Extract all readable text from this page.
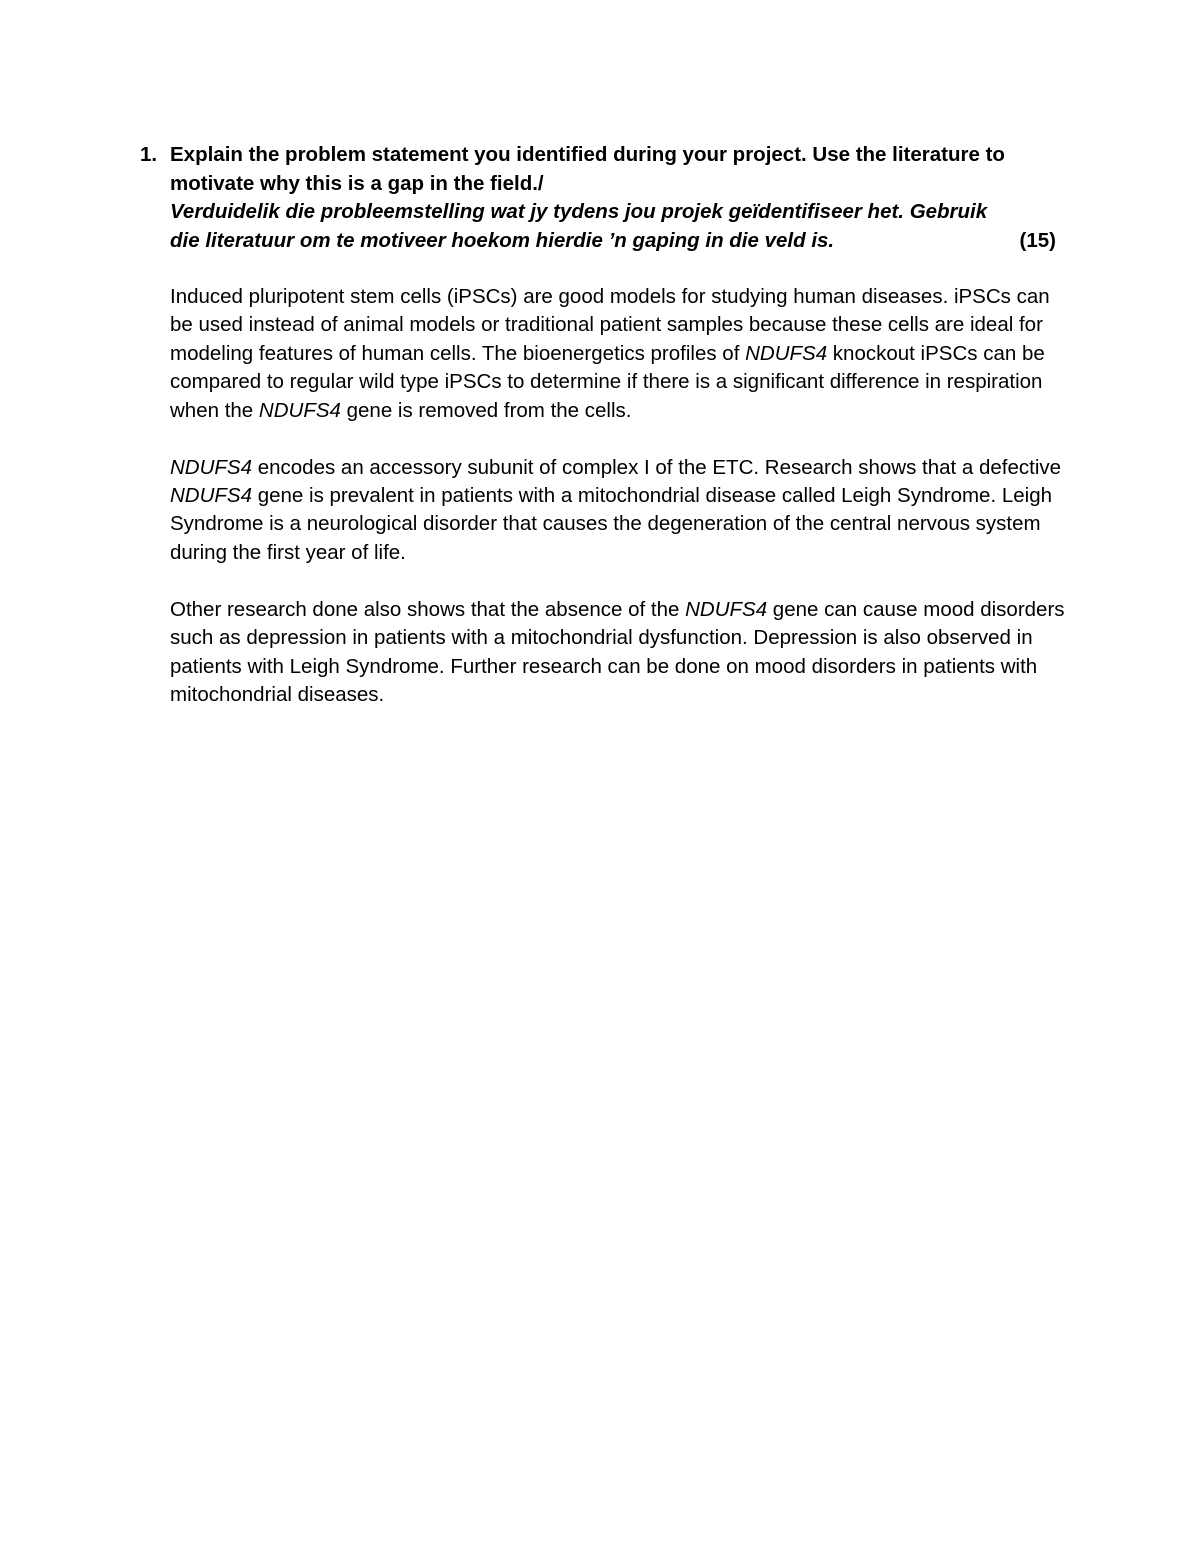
1. Explain the problem statement you identified during your project. Use the literature to motivate why this is a gap in the field./
Verduidelik die probleemstelling wat jy tydens jou projek geïdentifiseer het. Gebruik
die literatuur om te motiveer hoekom hierdie ’n gaping in die veld is.	(15)

Induced pluripotent stem cells (iPSCs) are good models for studying human diseases. iPSCs can be used instead of animal models or traditional patient samples because these cells are ideal for modeling features of human cells. The bioenergetics profiles of NDUFS4 knockout iPSCs can be compared to regular wild type iPSCs to determine if there is a significant difference in respiration when the NDUFS4 gene is removed from the cells.

NDUFS4 encodes an accessory subunit of complex I of the ETC. Research shows that a defective NDUFS4 gene is prevalent in patients with a mitochondrial disease called Leigh Syndrome. Leigh Syndrome is a neurological disorder that causes the degeneration of the central nervous system during the first year of life.

Other research done also shows that the absence of the NDUFS4 gene can cause mood disorders such as depression in patients with a mitochondrial dysfunction. Depression is also observed in patients with Leigh Syndrome. Further research can be done on mood disorders in patients with mitochondrial diseases.
